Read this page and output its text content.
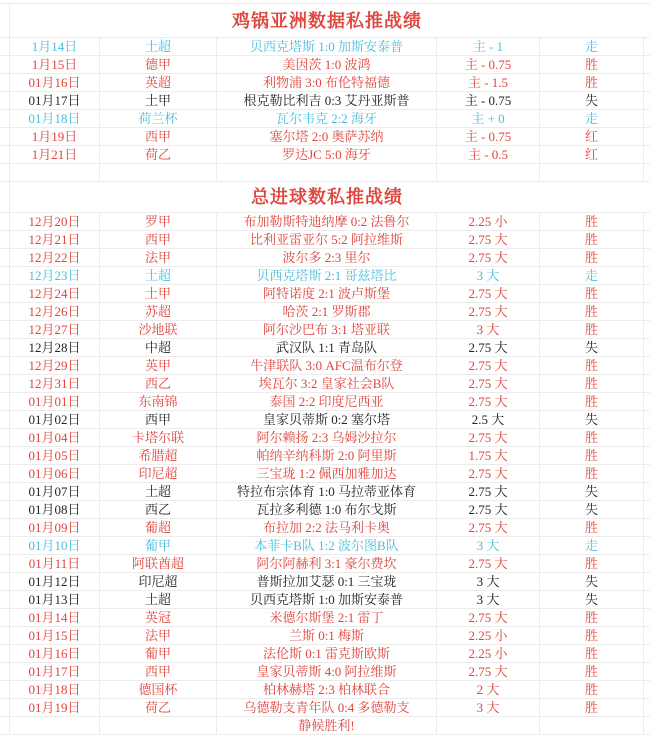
鸡锅亚洲数据私推战绩
1月14日	土超	贝西克塔斯 1:0 加斯安泰普	主 - 1	走
1月15日	德甲	美因茨 1:0 波鸿	主 - 0.75	胜
01月16日	英超	利物浦 3:0 布伦特福德	主 - 1.5	胜
01月17日	土甲	根克勒比利吉 0:3 艾丹亚斯普	主 - 0.75	失
01月18日	荷兰杯	瓦尔韦克 2:2 海牙	主 + 0	走
1月19日	西甲	塞尔塔 2:0 奥萨苏纳	主 - 0.75	红
1月21日	荷乙	罗达JC 5:0 海牙	主 - 0.5	红
总进球数私推战绩
12月20日	罗甲	布加勒斯特迪纳摩 0:2 法鲁尔	2.25 小	胜
12月21日	西甲	比利亚雷亚尔 5:2 阿拉维斯	2.75 大	胜
12月22日	法甲	波尔多 2:3 里尔	2.75 大	胜
12月23日	土超	贝西克塔斯 2:1 哥兹塔比	3 大	走
12月24日	土甲	阿特诺度 2:1 波卢斯堡	2.75 大	胜
12月26日	苏超	哈茨 2:1 罗斯郡	2.75 大	胜
12月27日	沙地联	阿尔沙巴布 3:1 塔亚联	3 大	胜
12月28日	中超	武汉队 1:1 青岛队	2.75 大	失
12月29日	英甲	牛津联队 3:0 AFC温布尔登	2.75 大	胜
12月31日	西乙	埃瓦尔 3:2 皇家社会B队	2.75 大	胜
01月01日	东南锦	泰国 2:2 印度尼西亚	2.75 大	胜
01月02日	西甲	皇家贝蒂斯 0:2 塞尔塔	2.5 大	失
01月04日	卡塔尔联	阿尔赖扬 2:3 乌姆沙拉尔	2.75 大	胜
01月05日	希腊超	帕纳辛纳科斯 2:0 阿里斯	1.75 大	胜
01月06日	印尼超	三宝珑 1:2 佩西加雅加达	2.75 大	胜
01月07日	土超	特拉布宗体育 1:0 马拉蒂亚体育	2.75 大	失
01月08日	西乙	瓦拉多利德 1:0 布尔戈斯	2.75 大	失
01月09日	葡超	布拉加 2:2 法马利卡奥	2.75 大	胜
01月10日	葡甲	本菲卡B队 1:2 波尔图B队	3 大	走
01月11日	阿联酋超	阿尔阿赫利 3:1 豪尔费坎	2.75 大	胜
01月12日	印尼超	普斯拉加艾瑟 0:1 三宝珑	3 大	失
01月13日	土超	贝西克塔斯 1:0 加斯安泰普	3 大	失
01月14日	英冠	米德尔斯堡 2:1 雷丁	2.75 大	胜
01月15日	法甲	兰斯 0:1 梅斯	2.25 小	胜
01月16日	葡甲	法伦斯 0:1 雷克斯欧斯	2.25 小	胜
01月17日	西甲	皇家贝蒂斯 4:0 阿拉维斯	2.75 大	胜
01月18日	德国杯	柏林赫塔 2:3 柏林联合	2 大	胜
01月19日	荷乙	乌德勒支青年队 0:4 多德勒支	3 大	胜
静候胜利!
